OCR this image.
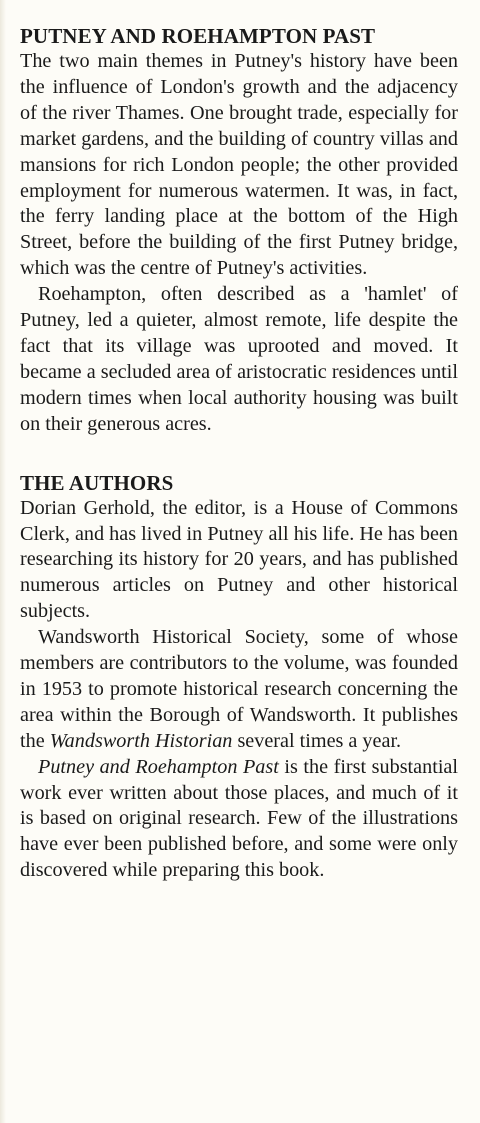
PUTNEY AND ROEHAMPTON PAST

The two main themes in Putney's history have been the influence of London's growth and the adjacency of the river Thames. One brought trade, especially for market gardens, and the building of country villas and mansions for rich London people; the other provided employment for numerous watermen. It was, in fact, the ferry landing place at the bottom of the High Street, before the building of the first Putney bridge, which was the centre of Putney's activities.

Roehampton, often described as a 'hamlet' of Putney, led a quieter, almost remote, life despite the fact that its village was uprooted and moved. It became a secluded area of aristocratic residences until modern times when local authority housing was built on their generous acres.

THE AUTHORS

Dorian Gerhold, the editor, is a House of Commons Clerk, and has lived in Putney all his life. He has been researching its history for 20 years, and has published numerous articles on Putney and other historical subjects.

Wandsworth Historical Society, some of whose members are contributors to the volume, was founded in 1953 to promote historical research concerning the area within the Borough of Wandsworth. It publishes the Wandsworth Historian several times a year.

Putney and Roehampton Past is the first substantial work ever written about those places, and much of it is based on original research. Few of the illustrations have ever been published before, and some were only discovered while preparing this book.
